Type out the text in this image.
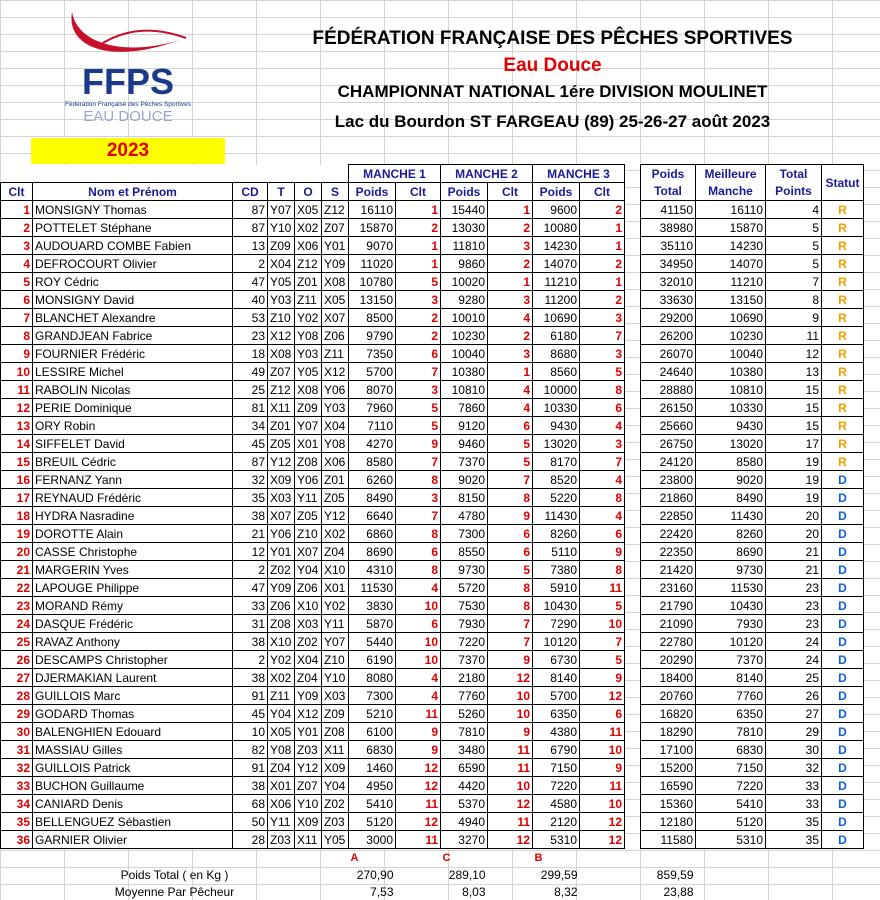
FFPS
Fédération Française des Pêches Sportives
EAU DOUCE
FÉDÉRATION FRANÇAISE DES PÊCHES SPORTIVES
Eau Douce
CHAMPIONNAT NATIONAL 1ére DIVISION MOULINET
Lac du Bourdon ST FARGEAU (89) 25-26-27 août 2023
2023
						MANCHE 1		MANCHE 2		MANCHE 3			Poids	Meilleure	Total	Statut
Clt	Nom et Prénom	CD	T	O	S	Poids	Clt	Poids	Clt	Poids	Clt		Total	Manche	Points	
1	MONSIGNY Thomas	87	Y07	X05	Z12	16110	1	15440	1	9600	2		41150	16110	4	R
2	POTTELET Stéphane	87	Y10	X02	Z07	15870	2	13030	2	10080	1		38980	15870	5	R
3	AUDOUARD COMBE Fabien	13	Z09	X06	Y01	9070	1	11810	3	14230	1		35110	14230	5	R
4	DEFROCOURT Olivier	2	X04	Z12	Y09	11020	1	9860	2	14070	2		34950	14070	5	R
5	ROY Cédric	47	Y05	Z01	X08	10780	5	10020	1	11210	1		32010	11210	7	R
6	MONSIGNY David	40	Y03	Z11	X05	13150	3	9280	3	11200	2		33630	13150	8	R
7	BLANCHET Alexandre	53	Z10	Y02	X07	8500	2	10010	4	10690	3		29200	10690	9	R
8	GRANDJEAN Fabrice	23	X12	Y08	Z06	9790	2	10230	2	6180	7		26200	10230	11	R
9	FOURNIER Frédéric	18	X08	Y03	Z11	7350	6	10040	3	8680	3		26070	10040	12	R
10	LESSIRE Michel	49	Z07	Y05	X12	5700	7	10380	1	8560	5		24640	10380	13	R
11	RABOLIN Nicolas	25	Z12	X08	Y06	8070	3	10810	4	10000	8		28880	10810	15	R
12	PERIE Dominique	81	X11	Z09	Y03	7960	5	7860	4	10330	6		26150	10330	15	R
13	ORY Robin	34	Z01	Y07	X04	7110	5	9120	6	9430	4		25660	9430	15	R
14	SIFFELET David	45	Z05	X01	Y08	4270	9	9460	5	13020	3		26750	13020	17	R
15	BREUIL Cédric	87	Y12	Z08	X06	8580	7	7370	5	8170	7		24120	8580	19	R
16	FERNANZ Yann	32	X09	Y06	Z01	6260	8	9020	7	8520	4		23800	9020	19	D
17	REYNAUD Frédéric	35	X03	Y11	Z05	8490	3	8150	8	5220	8		21860	8490	19	D
18	HYDRA Nasradine	38	X07	Z05	Y12	6640	7	4780	9	11430	4		22850	11430	20	D
19	DOROTTE Alain	21	Y06	Z10	X02	6860	8	7300	6	8260	6		22420	8260	20	D
20	CASSE Christophe	12	Y01	X07	Z04	8690	6	8550	6	5110	9		22350	8690	21	D
21	MARGERIN Yves	2	Z02	Y04	X10	4310	8	9730	5	7380	8		21420	9730	21	D
22	LAPOUGE Philippe	47	Y09	Z06	X01	11530	4	5720	8	5910	11		23160	11530	23	D
23	MORAND Rémy	33	Z06	X10	Y02	3830	10	7530	8	10430	5		21790	10430	23	D
24	DASQUE Frédéric	31	Z08	X03	Y11	5870	6	7930	7	7290	10		21090	7930	23	D
25	RAVAZ Anthony	38	X10	Z02	Y07	5440	10	7220	7	10120	7		22780	10120	24	D
26	DESCAMPS Christopher	2	Y02	X04	Z10	6190	10	7370	9	6730	5		20290	7370	24	D
27	DJERMAKIAN Laurent	38	X02	Z04	Y10	8080	4	2180	12	8140	9		18400	8140	25	D
28	GUILLOIS Marc	91	Z11	Y09	X03	7300	4	7760	10	5700	12		20760	7760	26	D
29	GODARD Thomas	45	Y04	X12	Z09	5210	11	5260	10	6350	6		16820	6350	27	D
30	BALENGHIEN Edouard	10	X05	Y01	Z08	6100	9	7810	9	4380	11		18290	7810	29	D
31	MASSIAU Gilles	82	Y08	Z03	X11	6830	9	3480	11	6790	10		17100	6830	30	D
32	GUILLOIS Patrick	91	Z04	Y12	X09	1460	12	6590	11	7150	9		15200	7150	32	D
33	BUCHON Guillaume	38	X01	Z07	Y04	4950	12	4420	10	7220	11		16590	7220	33	D
34	CANIARD Denis	68	X06	Y10	Z02	5410	11	5370	12	4580	10		15360	5410	33	D
35	BELLENGUEZ Sébastien	50	Y11	X09	Z03	5120	12	4940	11	2120	12		12180	5120	35	D
36	GARNIER Olivier	28	Z03	X11	Y05	3000	11	3270	12	5310	12		11580	5310	35	D
						A		C		B						
Poids Total ( en Kg )						270,90		289,10		299,59			859,59			
Moyenne Par Pêcheur						7,53		8,03		8,32			23,88			
